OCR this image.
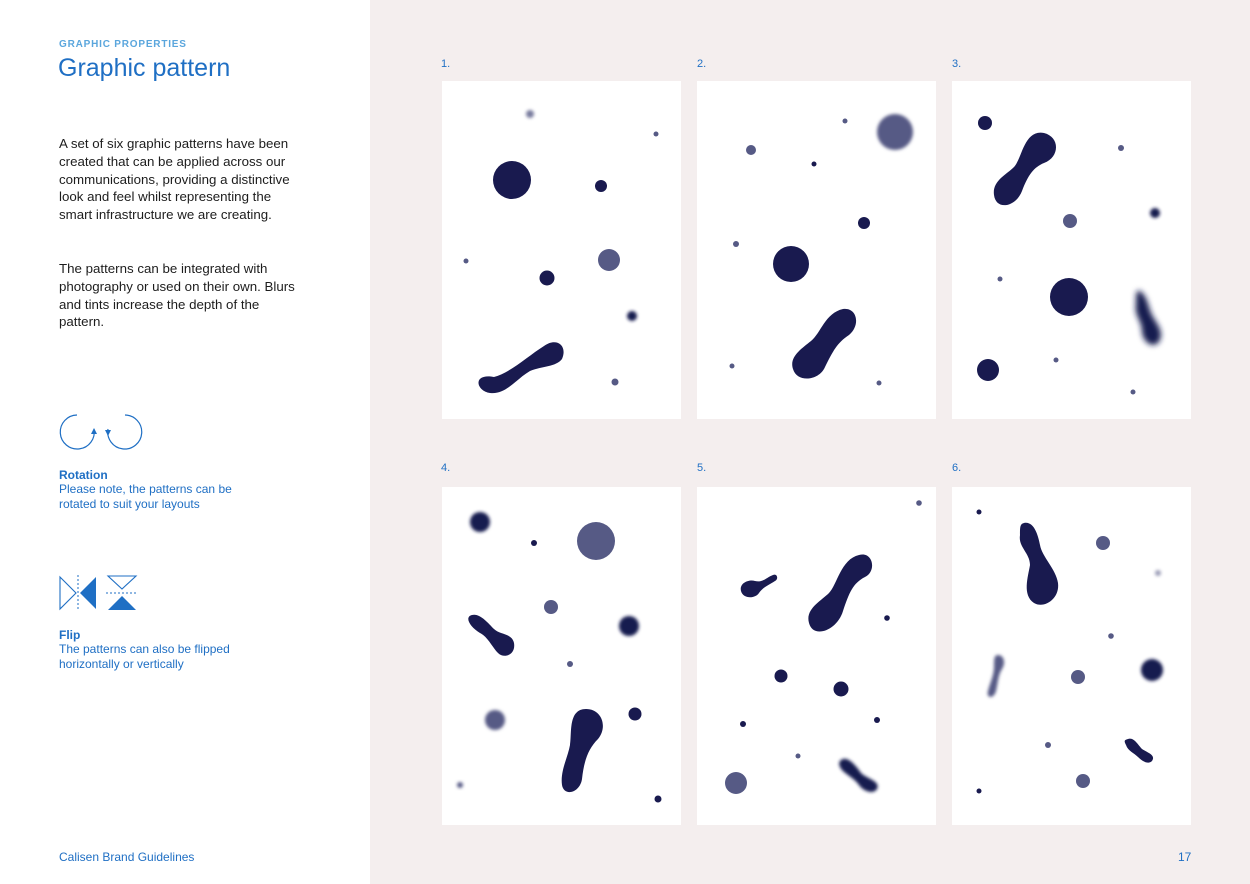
GRAPHIC PROPERTIES
Graphic pattern

A set of six graphic patterns have been created that can be applied across our communications, providing a distinctive look and feel whilst representing the smart infrastructure we are creating.

The patterns can be integrated with photography or used on their own. Blurs and tints increase the depth of the pattern.

Rotation
Please note, the patterns can be rotated to suit your layouts
Flip
The patterns can also be flipped horizontally or vertically
Calisen Brand Guidelines
1.	2.	3.
4.	5.	6.
17
